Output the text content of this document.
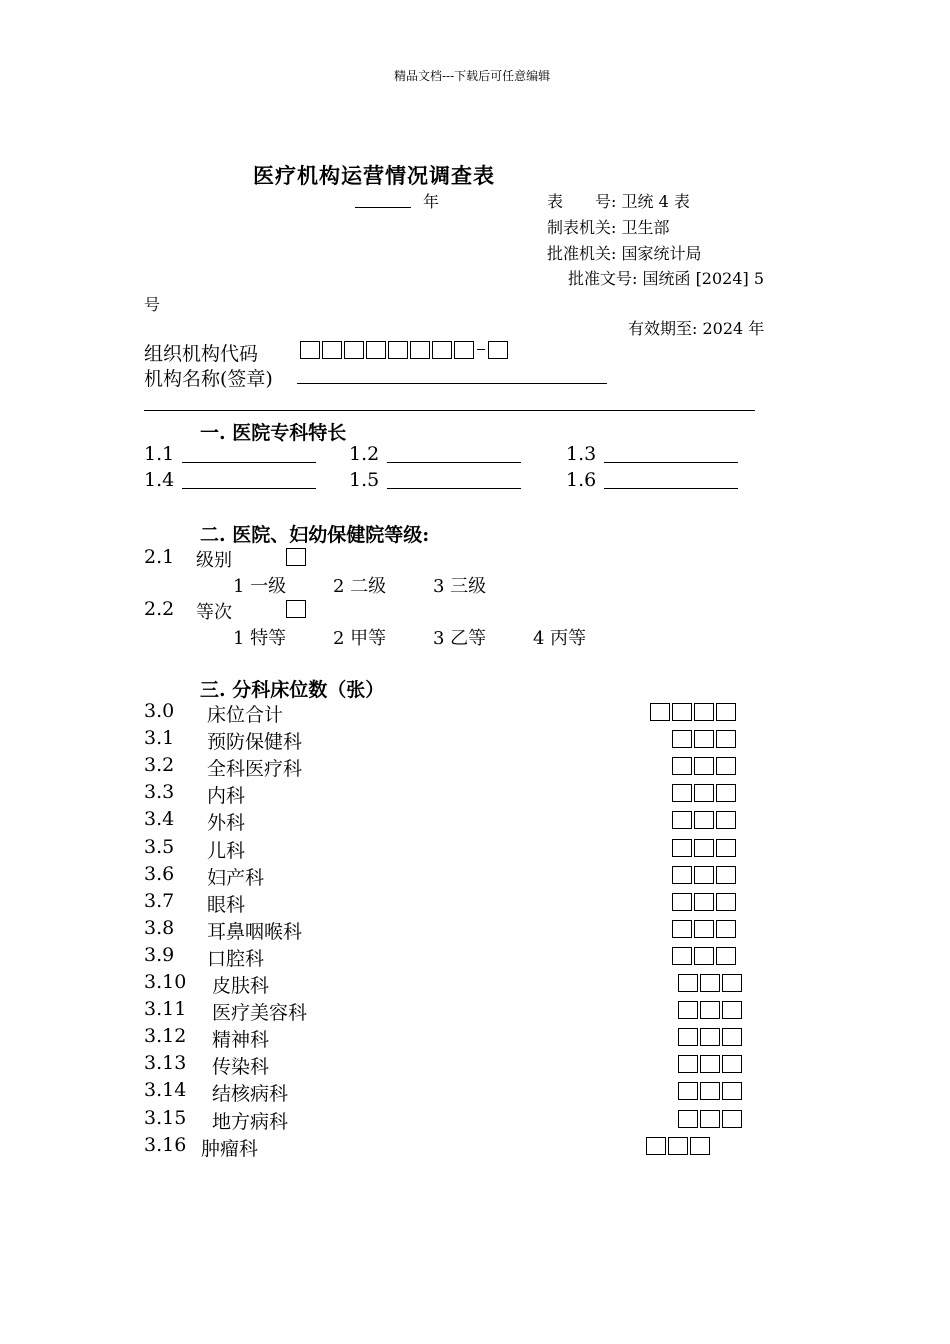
精品文档---下载后可任意编辑
医疗机构运营情况调查表
年	表　　号: 卫统 4 表
制表机关: 卫生部
批准机关: 国家统计局
批准文号: 国统函 [2024] 5
号
有效期至: 2024 年
组织机构代码
机构名称(签章)
一. 医院专科特长
1.1	1.2	1.3
1.4	1.5	1.6
二. 医院、妇幼保健院等级:
2.1 级别
1 一级	2 二级	3 三级
2.2 等次
1 特等	2 甲等	3 乙等	4 丙等
三. 分科床位数（张）
3.0 床位合计
3.1 预防保健科
3.2 全科医疗科
3.3 内科
3.4 外科
3.5 儿科
3.6 妇产科
3.7 眼科
3.8 耳鼻咽喉科
3.9 口腔科
3.10 皮肤科
3.11 医疗美容科
3.12 精神科
3.13 传染科
3.14 结核病科
3.15 地方病科
3.16 肿瘤科
